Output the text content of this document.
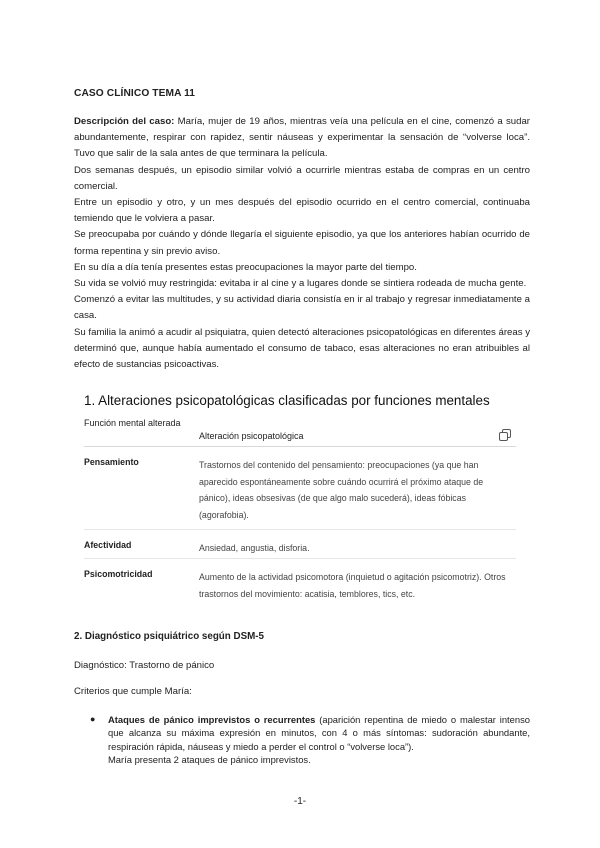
CASO CLÍNICO TEMA 11

Descripción del caso: María, mujer de 19 años, mientras veía una película en el cine, comenzó a sudar abundantemente, respirar con rapidez, sentir náuseas y experimentar la sensación de “volverse loca”. Tuvo que salir de la sala antes de que terminara la película.

Dos semanas después, un episodio similar volvió a ocurrirle mientras estaba de compras en un centro comercial.

Entre un episodio y otro, y un mes después del episodio ocurrido en el centro comercial, continuaba temiendo que le volviera a pasar.

Se preocupaba por cuándo y dónde llegaría el siguiente episodio, ya que los anteriores habían ocurrido de forma repentina y sin previo aviso.

En su día a día tenía presentes estas preocupaciones la mayor parte del tiempo.

Su vida se volvió muy restringida: evitaba ir al cine y a lugares donde se sintiera rodeada de mucha gente.

Comenzó a evitar las multitudes, y su actividad diaria consistía en ir al trabajo y regresar inmediatamente a casa.

Su familia la animó a acudir al psiquiatra, quien detectó alteraciones psicopatológicas en diferentes áreas y determinó que, aunque había aumentado el consumo de tabaco, esas alteraciones no eran atribuibles al efecto de sustancias psicoactivas.

1. Alteraciones psicopatológicas clasificadas por funciones mentales
Función mental alterada
Alteración psicopatológica
Pensamiento	Trastornos del contenido del pensamiento: preocupaciones (ya que han aparecido espontáneamente sobre cuándo ocurrirá el próximo ataque de pánico), ideas obsesivas (de que algo malo sucederá), ideas fóbicas (agorafobia).
Afectividad	Ansiedad, angustia, disforia.
Psicomotricidad	Aumento de la actividad psicomotora (inquietud o agitación psicomotriz). Otros trastornos del movimiento: acatisia, temblores, tics, etc.
2. Diagnóstico psiquiátrico según DSM-5
Diagnóstico: Trastorno de pánico
Criterios que cumple María:
● Ataques de pánico imprevistos o recurrentes (aparición repentina de miedo o malestar intenso que alcanza su máxima expresión en minutos, con 4 o más síntomas: sudoración abundante, respiración rápida, náuseas y miedo a perder el control o “volverse loca”).
María presenta 2 ataques de pánico imprevistos.
-1-
